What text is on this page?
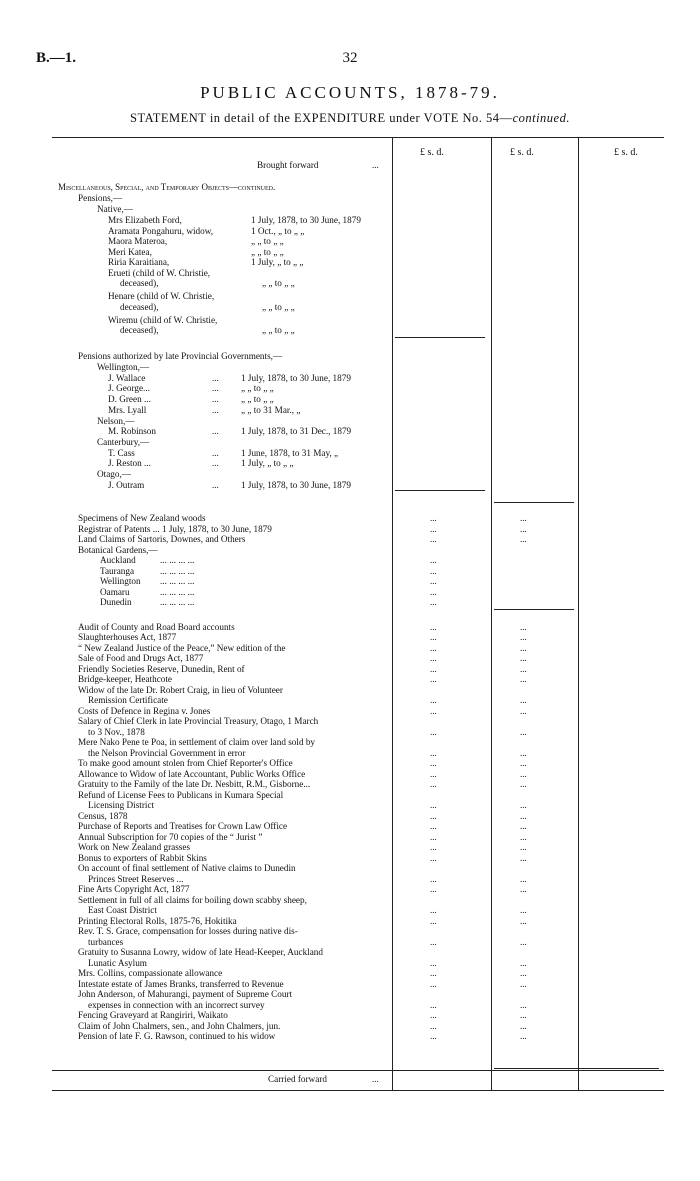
B.—1.	32
PUBLIC ACCOUNTS, 1878-79.
STATEMENT in detail of the EXPENDITURE under VOTE No. 54—continued.
£ s. d.	£ s. d.	£ s. d.
Brought forward	...
Miscellaneous, Special, and Temporary Objects—continued.
Pensions,—
Native,—
Mrs Elizabeth Ford,	1 July, 1878, to 30 June, 1879
Aramata Pongahuru, widow,	1 Oct., „ to „ „
Maora Materoa,	„ „ to „ „
Meri Katea,	„ „ to „ „
Riria Karaitiana,	1 July, „ to „ „
Erueti (child of W. Christie,
deceased),	„ „ to „ „
Henare (child of W. Christie,
deceased),	„ „ to „ „
Wiremu (child of W. Christie,
deceased),	„ „ to „ „
Pensions authorized by late Provincial Governments,—
Wellington,—
J. Wallace	... 1 July, 1878, to 30 June, 1879
J. George...	... „ „ to „ „
D. Green ...	... „ „ to „ „
Mrs. Lyall	... „ „ to 31 Mar., „
Nelson,—
M. Robinson	... 1 July, 1878, to 31 Dec., 1879
Canterbury,—
T. Cass	... 1 June, 1878, to 31 May, „
J. Reston ...	... 1 July, „ to „ „
Otago,—
J. Outram	... 1 July, 1878, to 30 June, 1879
Specimens of New Zealand woods	...	...
Registrar of Patents ... 1 July, 1878, to 30 June, 1879	...	...
Land Claims of Sartoris, Downes, and Others	...	...
Botanical Gardens,—
Auckland	... ... ... ...	...
Tauranga	... ... ... ...	...
Wellington ... ... ... ...	...
Oamaru	... ... ... ...	...
Dunedin	... ... ... ...	...
Audit of County and Road Board accounts	...	...
Slaughterhouses Act, 1877	...	...
“ New Zealand Justice of the Peace,” New edition of the	...	...
Sale of Food and Drugs Act, 1877	...	...
Friendly Societies Reserve, Dunedin, Rent of	...	...
Bridge-keeper, Heathcote	...	...
Widow of the late Dr. Robert Craig, in lieu of Volunteer
Remission Certificate	...	...
Costs of Defence in Regina v. Jones	...	...
Salary of Chief Clerk in late Provincial Treasury, Otago, 1 March
to 3 Nov., 1878	...	...
Mere Nako Pene te Poa, in settlement of claim over land sold by
the Nelson Provincial Government in error	...	...
To make good amount stolen from Chief Reporter's Office	...	...
Allowance to Widow of late Accountant, Public Works Office	...	...
Gratuity to the Family of the late Dr. Nesbitt, R.M., Gisborne...	...	...
Refund of License Fees to Publicans in Kumara Special
Licensing District	...	...
Census, 1878	...	...
Purchase of Reports and Treatises for Crown Law Office	...	...
Annual Subscription for 70 copies of the “ Jurist ”	...	...
Work on New Zealand grasses	...	...
Bonus to exporters of Rabbit Skins	...	...
On account of final settlement of Native claims to Dunedin
Princes Street Reserves ...	...	...
Fine Arts Copyright Act, 1877	...	...
Settlement in full of all claims for boiling down scabby sheep,
East Coast District	...	...
Printing Electoral Rolls, 1875-76, Hokitika	...	...
Rev. T. S. Grace, compensation for losses during native dis-
turbances	...	...
Gratuity to Susanna Lowry, widow of late Head-Keeper, Auckland
Lunatic Asylum	...	...
Mrs. Collins, compassionate allowance	...	...
Intestate estate of James Branks, transferred to Revenue	...	...
John Anderson, of Mahurangi, payment of Supreme Court
expenses in connection with an incorrect survey	...	...
Fencing Graveyard at Rangiriri, Waikato	...	...
Claim of John Chalmers, sen., and John Chalmers, jun.	...	...
Pension of late F. G. Rawson, continued to his widow	...	...
Carried forward	...
